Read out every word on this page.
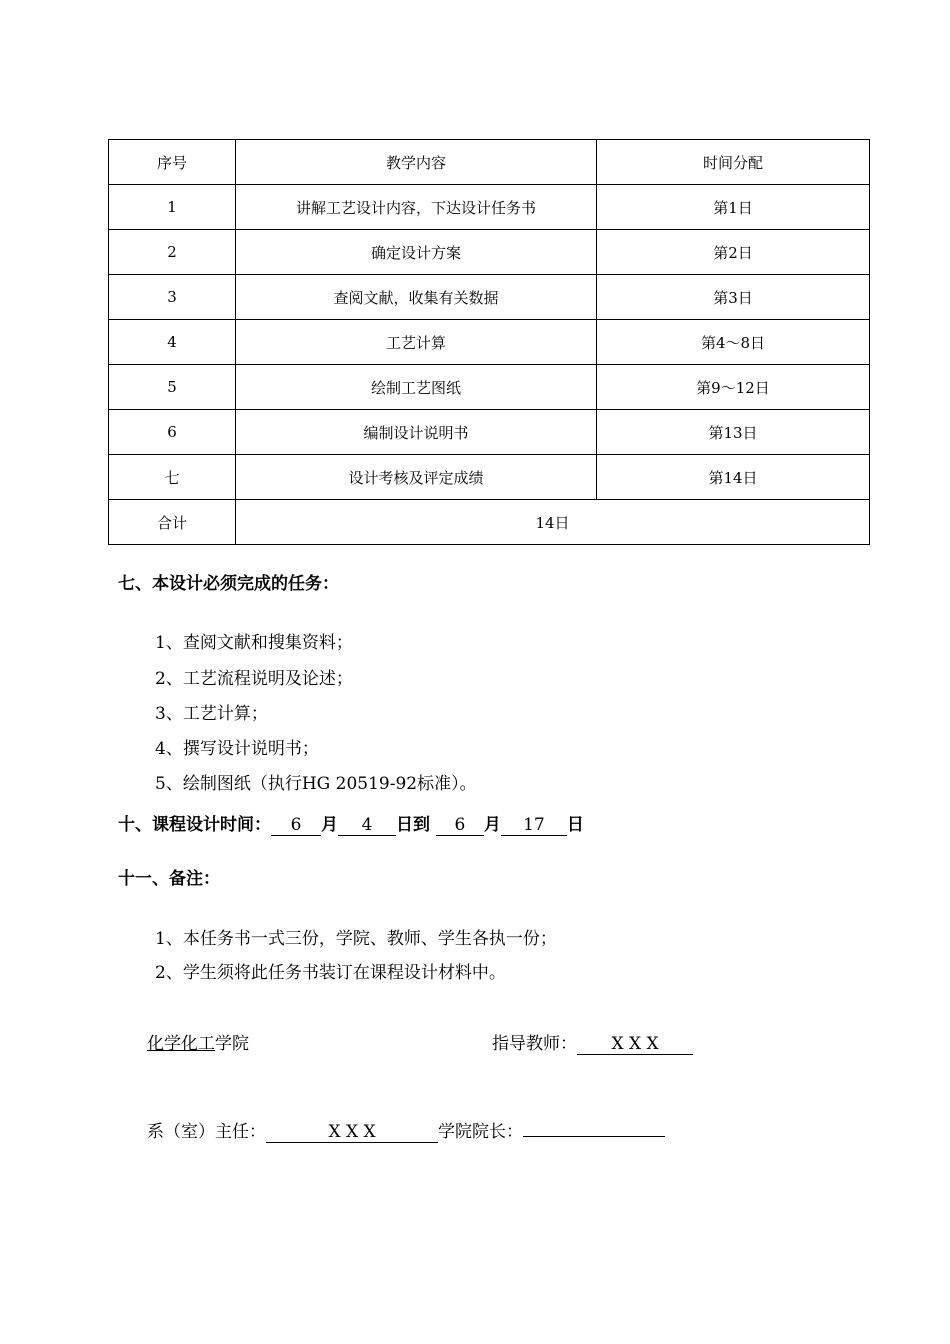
序号	教学内容	时间分配
1	讲解工艺设计内容，下达设计任务书	第1日
2	确定设计方案	第2日
3	查阅文献，收集有关数据	第3日
4	工艺计算	第4～8日
5	绘制工艺图纸	第9～12日
6	编制设计说明书	第13日
七	设计考核及评定成绩	第14日
合计	14日	
七、本设计必须完成的任务：
1、查阅文献和搜集资料；
2、工艺流程说明及论述；
3、工艺计算；
4、撰写设计说明书；
5、绘制图纸（执行HG 20519-92标准）。
十、课程设计时间： 6 月 4 日到 6 月 17 日
十一、备注：
1、本任务书一式三份，学院、教师、学生各执一份；
2、学生须将此任务书装订在课程设计材料中。
化学化工学院	指导教师： X X X
系（室）主任：	X X X	学院院长：
